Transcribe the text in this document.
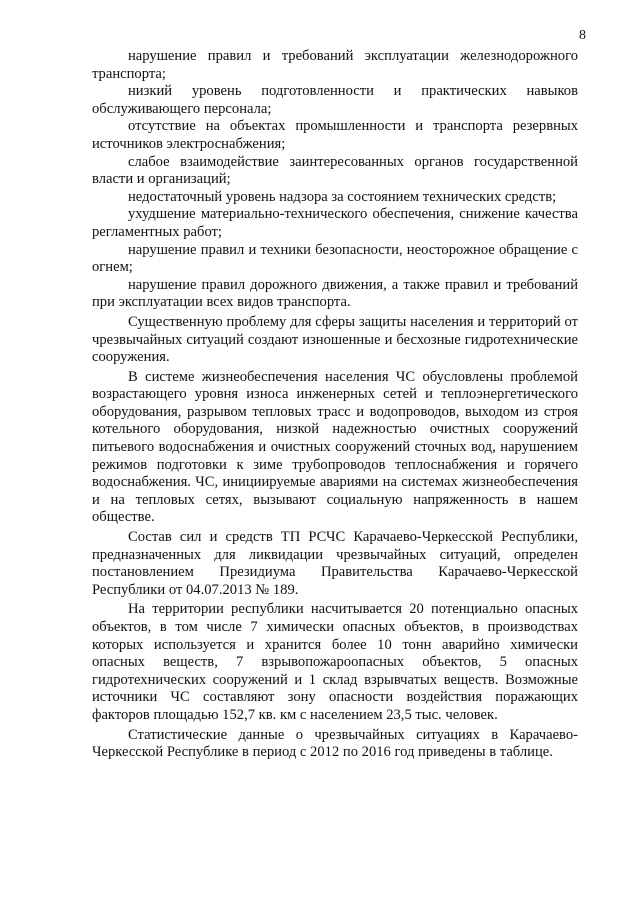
8

нарушение правил и требований эксплуатации железнодорожного транспорта;

низкий уровень подготовленности и практических навыков обслуживающего персонала;

отсутствие на объектах промышленности и транспорта резервных источников электроснабжения;

слабое взаимодействие заинтересованных органов государственной власти и организаций;

недостаточный уровень надзора за состоянием технических средств;

ухудшение материально-технического обеспечения, снижение качества регламентных работ;

нарушение правил и техники безопасности, неосторожное обращение с огнем;

нарушение правил дорожного движения, а также правил и требований при эксплуатации всех видов транспорта.

Существенную проблему для сферы защиты населения и территорий от чрезвычайных ситуаций создают изношенные и бесхозные гидротехнические сооружения.

В системе жизнеобеспечения населения ЧС обусловлены проблемой возрастающего уровня износа инженерных сетей и теплоэнергетического оборудования, разрывом тепловых трасс и водопроводов, выходом из строя котельного оборудования, низкой надежностью очистных сооружений питьевого водоснабжения и очистных сооружений сточных вод, нарушением режимов подготовки к зиме трубопроводов теплоснабжения и горячего водоснабжения. ЧС, инициируемые авариями на системах жизнеобеспечения и на тепловых сетях, вызывают социальную напряженность в нашем обществе.

Состав сил и средств ТП РСЧС Карачаево-Черкесской Республики, предназначенных для ликвидации чрезвычайных ситуаций, определен постановлением Президиума Правительства Карачаево-Черкесской Республики от 04.07.2013 № 189.

На территории республики насчитывается 20 потенциально опасных объектов, в том числе 7 химически опасных объектов, в производствах которых используется и хранится более 10 тонн аварийно химически опасных веществ, 7 взрывопожароопасных объектов, 5 опасных гидротехнических сооружений и 1 склад взрывчатых веществ. Возможные источники ЧС составляют зону опасности воздействия поражающих факторов площадью 152,7 кв. км с населением 23,5 тыс. человек.

Статистические данные о чрезвычайных ситуациях в Карачаево-Черкесской Республике в период с 2012 по 2016 год приведены в таблице.
